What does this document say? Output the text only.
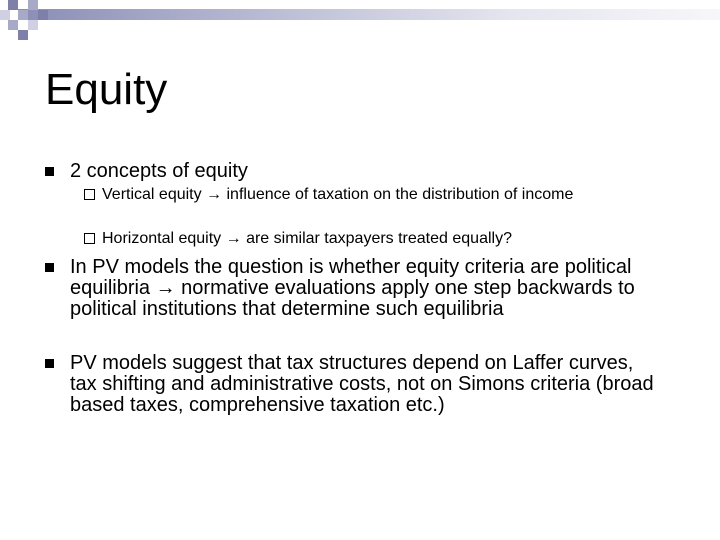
Equity
2 concepts of equity
Vertical equity → influence of taxation on the distribution of income
Horizontal equity → are similar taxpayers treated equally?
In PV models the question is whether equity criteria are political equilibria → normative evaluations apply one step backwards to political institutions that determine such equilibria
PV models suggest that tax structures depend on Laffer curves, tax shifting and administrative costs, not on Simons criteria (broad based taxes, comprehensive taxation etc.)
